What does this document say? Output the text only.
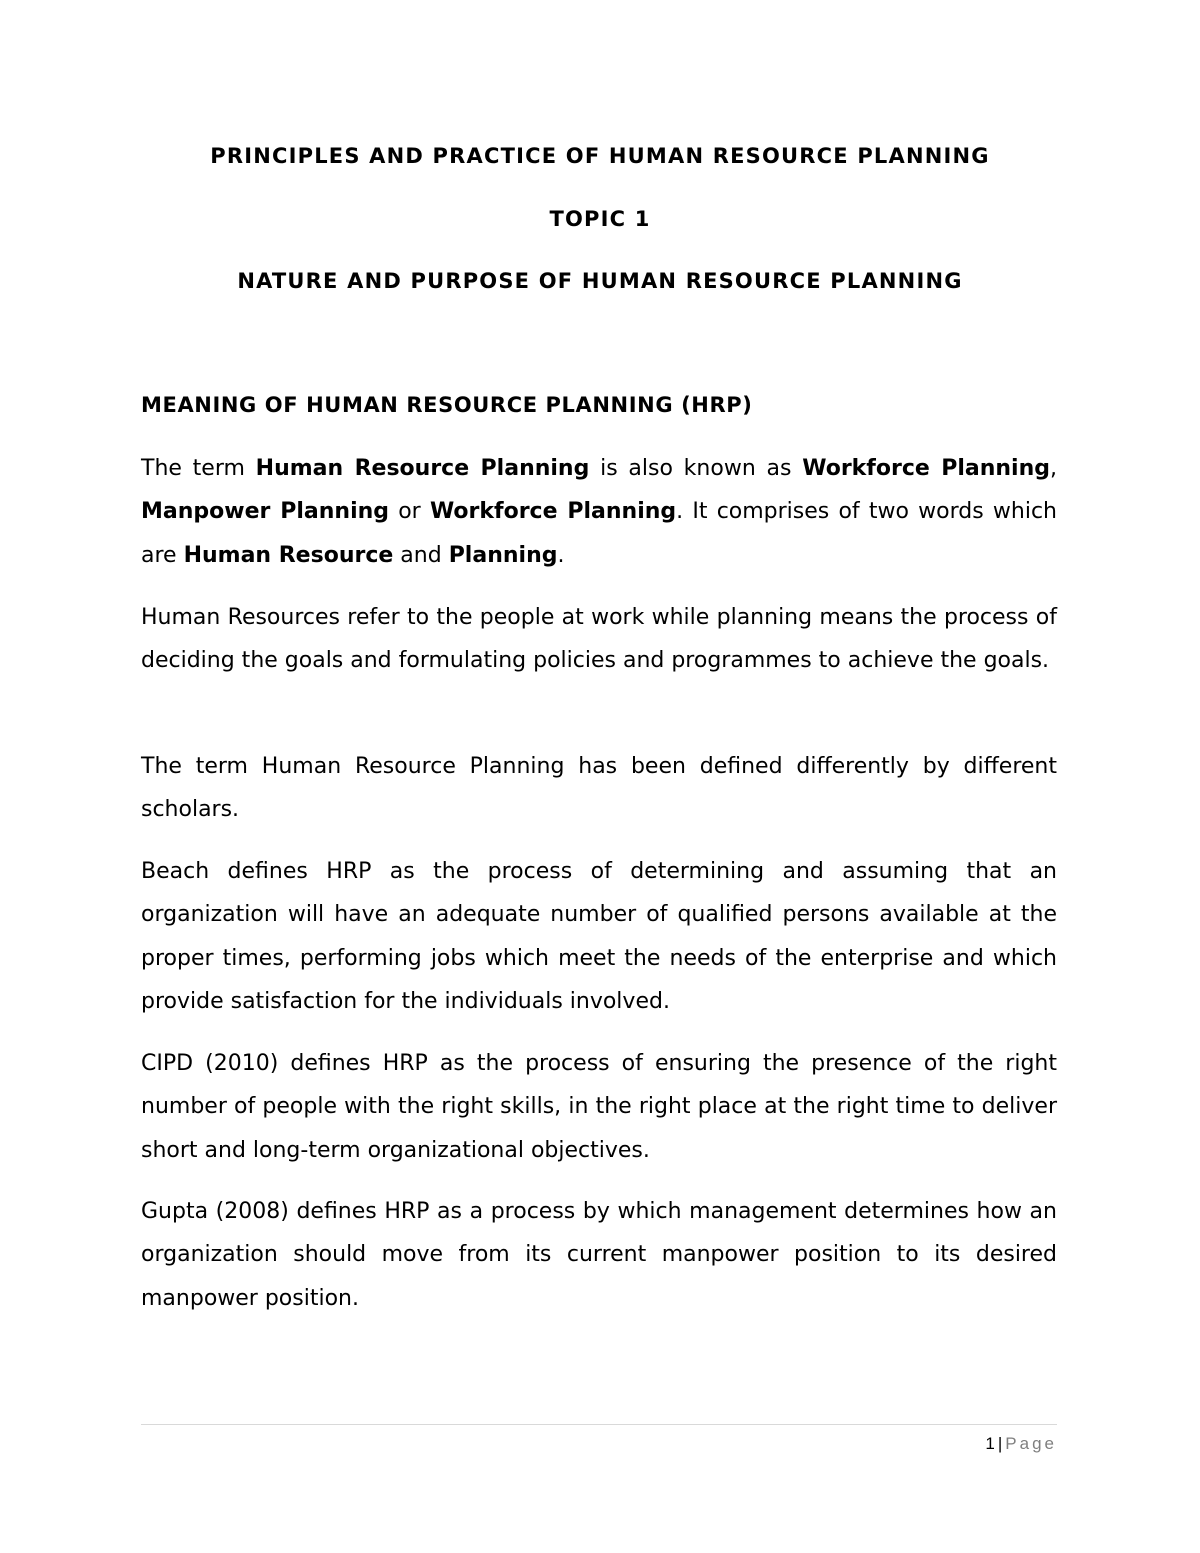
PRINCIPLES AND PRACTICE OF HUMAN RESOURCE PLANNING
TOPIC 1
NATURE AND PURPOSE OF HUMAN RESOURCE PLANNING
MEANING OF HUMAN RESOURCE PLANNING (HRP)

The term Human Resource Planning is also known as Workforce Planning, Manpower Planning or Workforce Planning. It comprises of two words which are Human Resource and Planning.

Human Resources refer to the people at work while planning means the process of deciding the goals and formulating policies and programmes to achieve the goals.

The term Human Resource Planning has been defined differently by different scholars.

Beach defines HRP as the process of determining and assuming that an organization will have an adequate number of qualified persons available at the proper times, performing jobs which meet the needs of the enterprise and which provide satisfaction for the individuals involved.

CIPD (2010) defines HRP as the process of ensuring the presence of the right number of people with the right skills, in the right place at the right time to deliver short and long-term organizational objectives.

Gupta (2008) defines HRP as a process by which management determines how an organization should move from its current manpower position to its desired manpower position.

1 | Page
